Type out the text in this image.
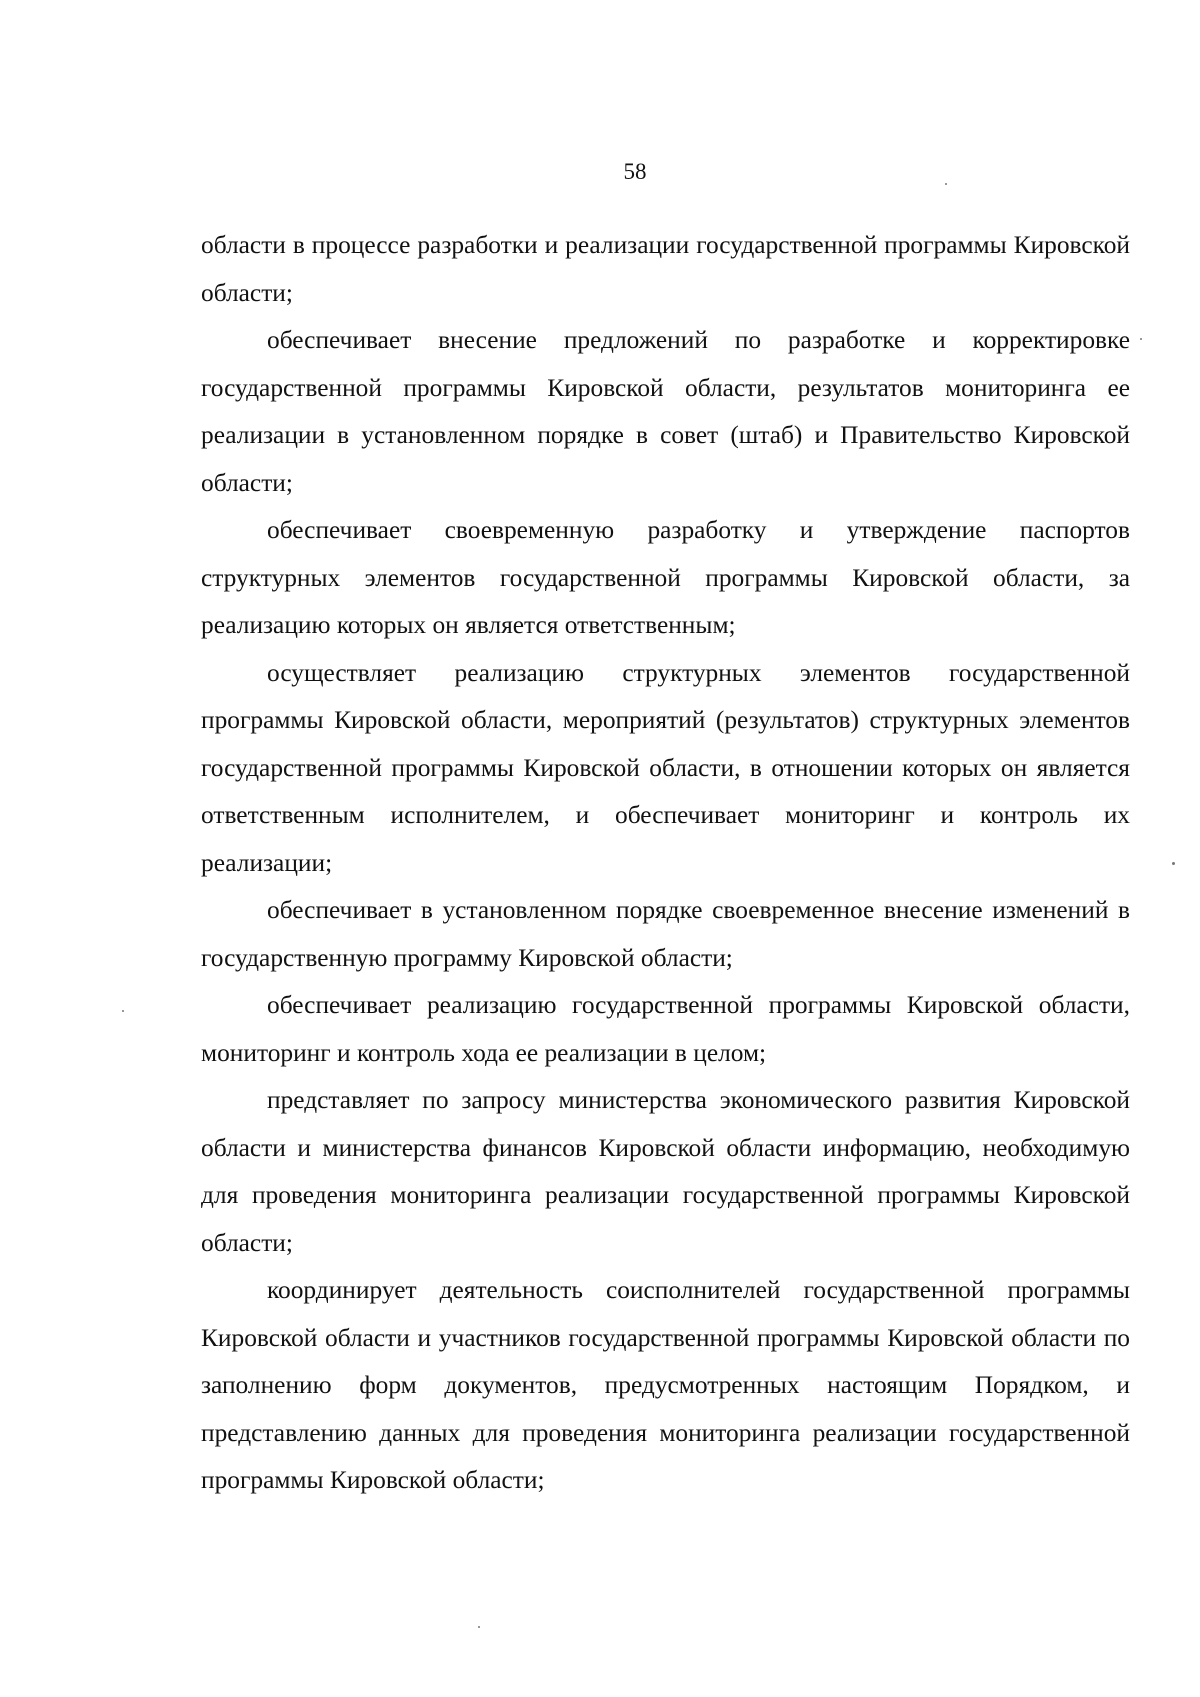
58

области в процессе разработки и реализации государственной программы Кировской области;

обеспечивает внесение предложений по разработке и корректировке государственной программы Кировской области, результатов мониторинга ее реализации в установленном порядке в совет (штаб) и Правительство Кировской области;

обеспечивает своевременную разработку и утверждение паспортов структурных элементов государственной программы Кировской области, за реализацию которых он является ответственным;

осуществляет реализацию структурных элементов государственной программы Кировской области, мероприятий (результатов) структурных элементов государственной программы Кировской области, в отношении которых он является ответственным исполнителем, и обеспечивает мониторинг и контроль их реализации;

обеспечивает в установленном порядке своевременное внесение изменений в государственную программу Кировской области;

обеспечивает реализацию государственной программы Кировской области, мониторинг и контроль хода ее реализации в целом;

представляет по запросу министерства экономического развития Кировской области и министерства финансов Кировской области информацию, необходимую для проведения мониторинга реализации государственной программы Кировской области;

координирует деятельность соисполнителей государственной программы Кировской области и участников государственной программы Кировской области по заполнению форм документов, предусмотренных настоящим Порядком, и представлению данных для проведения мониторинга реализации государственной программы Кировской области;
